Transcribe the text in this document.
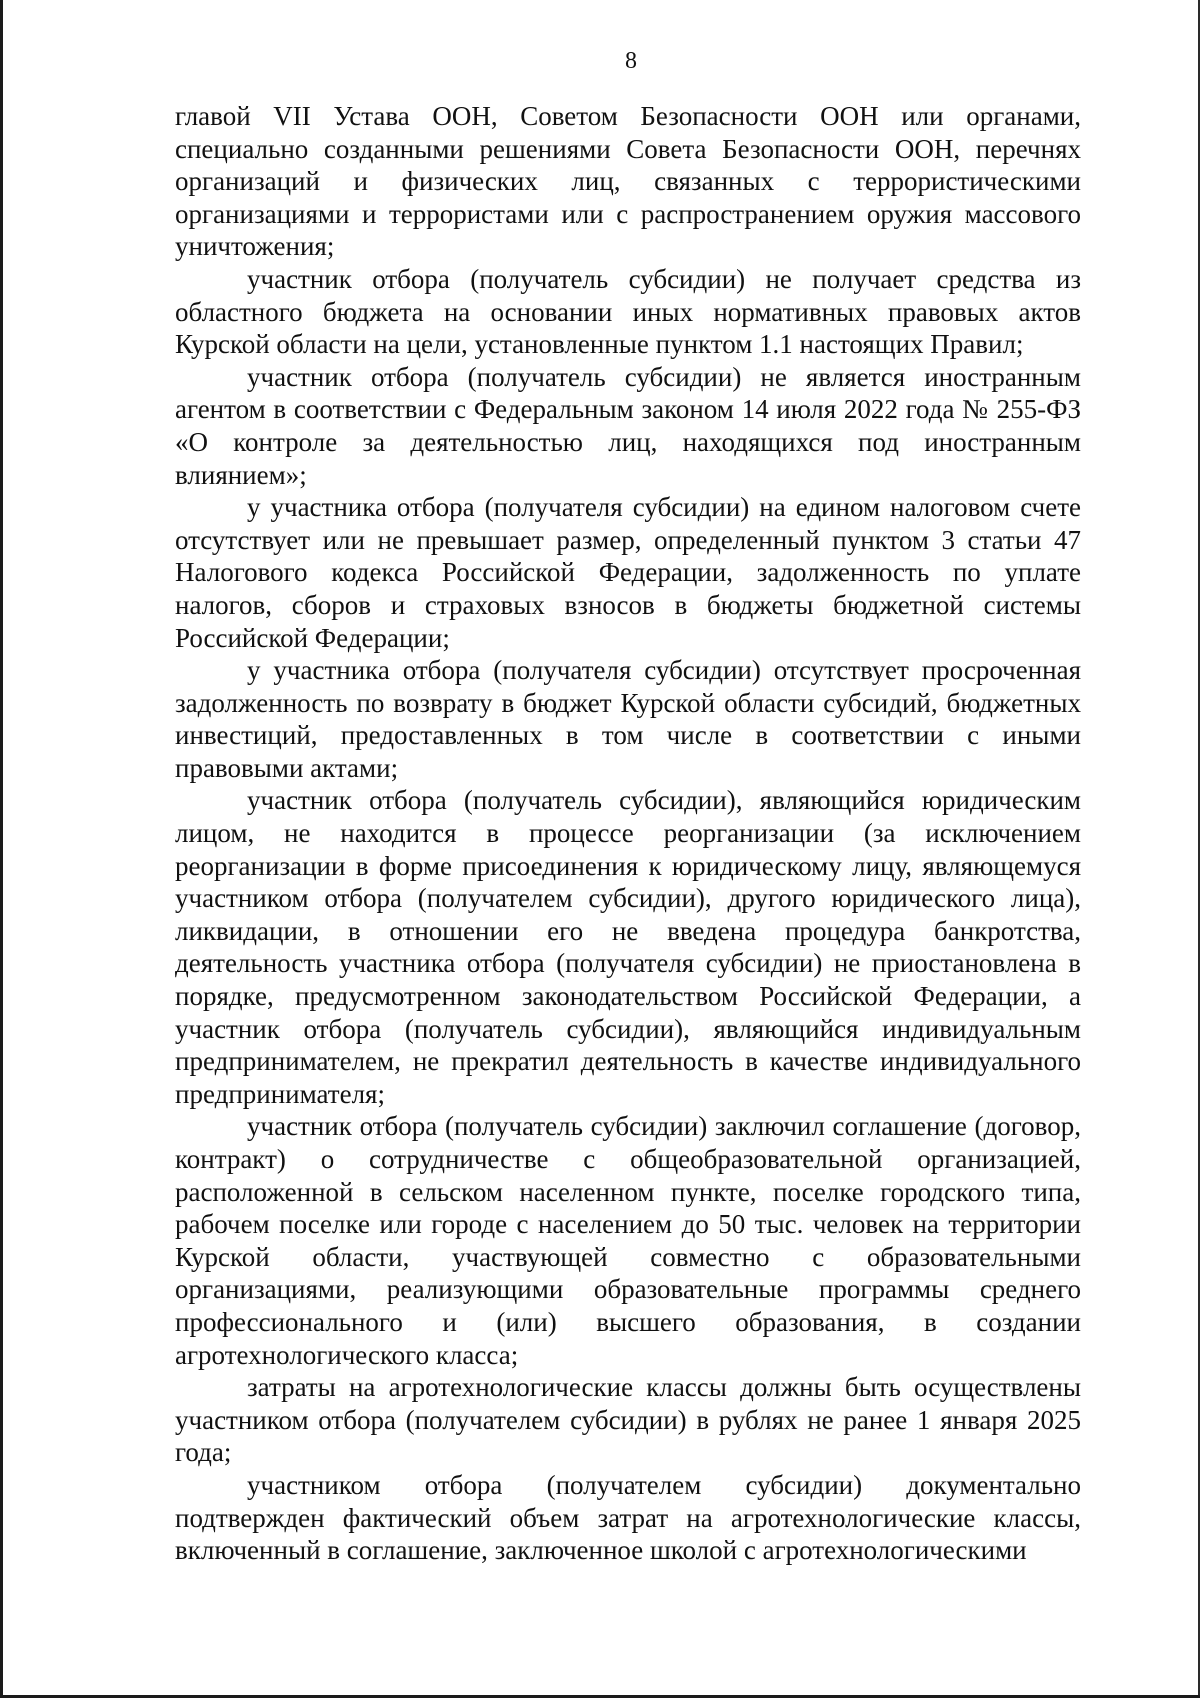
8

главой VII Устава ООН, Советом Безопасности ООН или органами, специально созданными решениями Совета Безопасности ООН, перечнях организаций и физических лиц, связанных с террористическими организациями и террористами или с распространением оружия массового уничтожения;

участник отбора (получатель субсидии) не получает средства из областного бюджета на основании иных нормативных правовых актов Курской области на цели, установленные пунктом 1.1 настоящих Правил;

участник отбора (получатель субсидии) не является иностранным агентом в соответствии с Федеральным законом 14 июля 2022 года № 255-ФЗ «О контроле за деятельностью лиц, находящихся под иностранным влиянием»;

у участника отбора (получателя субсидии) на едином налоговом счете отсутствует или не превышает размер, определенный пунктом 3 статьи 47 Налогового кодекса Российской Федерации, задолженность по уплате налогов, сборов и страховых взносов в бюджеты бюджетной системы Российской Федерации;

у участника отбора (получателя субсидии) отсутствует просроченная задолженность по возврату в бюджет Курской области субсидий, бюджетных инвестиций, предоставленных в том числе в соответствии с иными правовыми актами;

участник отбора (получатель субсидии), являющийся юридическим лицом, не находится в процессе реорганизации (за исключением реорганизации в форме присоединения к юридическому лицу, являющемуся участником отбора (получателем субсидии), другого юридического лица), ликвидации, в отношении его не введена процедура банкротства, деятельность участника отбора (получателя субсидии) не приостановлена в порядке, предусмотренном законодательством Российской Федерации, а участник отбора (получатель субсидии), являющийся индивидуальным предпринимателем, не прекратил деятельность в качестве индивидуального предпринимателя;

участник отбора (получатель субсидии) заключил соглашение (договор, контракт) о сотрудничестве с общеобразовательной организацией, расположенной в сельском населенном пункте, поселке городского типа, рабочем поселке или городе с населением до 50 тыс. человек на территории Курской области, участвующей совместно с образовательными организациями, реализующими образовательные программы среднего профессионального и (или) высшего образования, в создании агротехнологического класса;

затраты на агротехнологические классы должны быть осуществлены участником отбора (получателем субсидии) в рублях не ранее 1 января 2025 года;

участником отбора (получателем субсидии) документально подтвержден фактический объем затрат на агротехнологические классы, включенный в соглашение, заключенное школой с агротехнологическими
